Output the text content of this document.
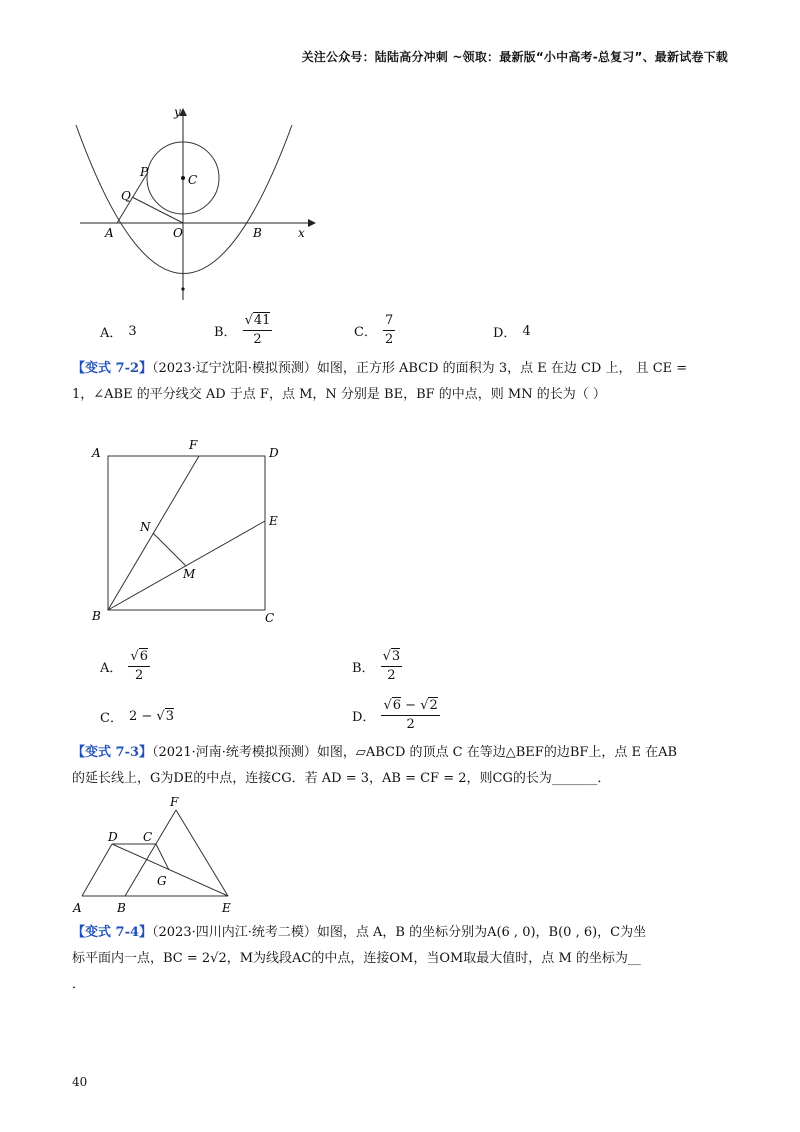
关注公众号：陆陆高分冲刺 ~领取：最新版“小中高考-总复习”、最新试卷下载
y
x
P
Q
C
A	O	B
A． 3	B． $\frac{√41}{2}$	C． $\frac{7}{2}$	D． 4
【变式 7-2】（2023·辽宁沈阳·模拟预测）如图，正方形 ABCD 的面积为 3，点 E 在边 CD 上， 且 CE =
1，∠ABE 的平分线交 AD 于点 F，点 M，N 分别是 BE，BF 的中点，则 MN 的长为（ ）
A
F
D
E
N
M
B	C
A． $\frac{√6}{2}$	B． $\frac{√3}{2}$
C． 2 − √3	D． $\frac{√6 - √2}{2}$
【变式 7-3】（2021·河南·统考模拟预测）如图，▱ABCD 的顶点 C 在等边△BEF的边BF上，点 E 在AB
的延长线上，G为DE的中点，连接CG．若 AD = 3，AB = CF = 2，则CG的长为_______．
F
D C
G
A	B	E
【变式 7-4】（2023·四川内江·统考二模）如图，点 A，B 的坐标分别为A(6 , 0)，B(0 , 6)，C为坐
标平面内一点，BC = 2√2，M为线段AC的中点，连接OM，当OM取最大值时，点 M 的坐标为__
．
40
